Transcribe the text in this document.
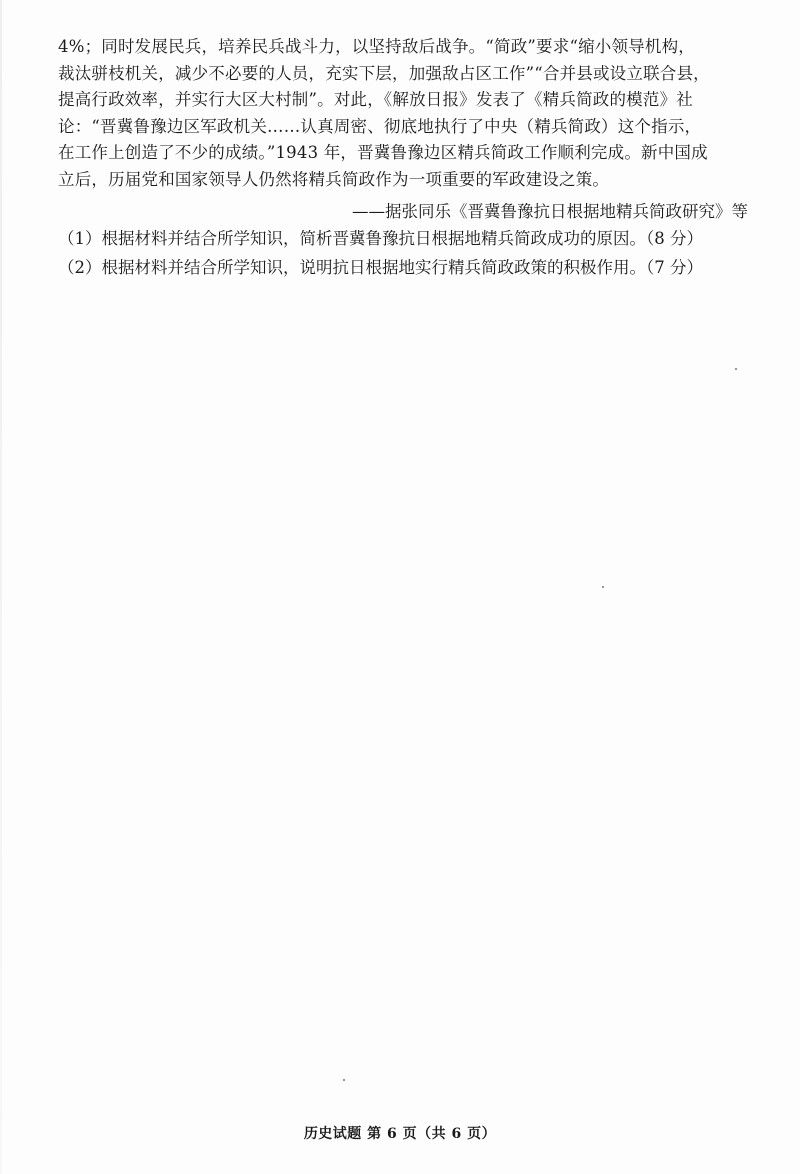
4%；同时发展民兵，培养民兵战斗力，以坚持敌后战争。“简政”要求“缩小领导机构，
裁汰骈枝机关，减少不必要的人员，充实下层，加强敌占区工作”“合并县或设立联合县，
提高行政效率，并实行大区大村制”。对此，《解放日报》发表了《精兵简政的模范》社
论：“晋冀鲁豫边区军政机关……认真周密、彻底地执行了中央（精兵简政）这个指示，
在工作上创造了不少的成绩。”1943 年，晋冀鲁豫边区精兵简政工作顺利完成。新中国成
立后，历届党和国家领导人仍然将精兵简政作为一项重要的军政建设之策。
——据张同乐《晋冀鲁豫抗日根据地精兵简政研究》等
（1）根据材料并结合所学知识，简析晋冀鲁豫抗日根据地精兵简政成功的原因。（8 分）
（2）根据材料并结合所学知识，说明抗日根据地实行精兵简政政策的积极作用。（7 分）
历史试题 第 6 页（共 6 页）
